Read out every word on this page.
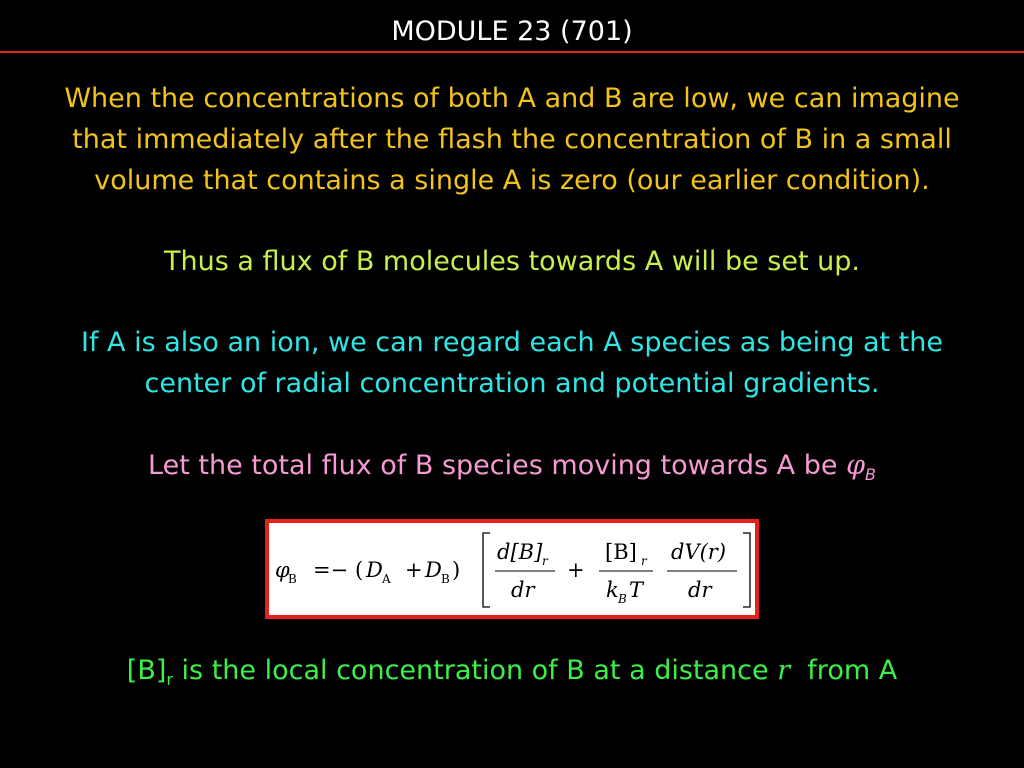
MODULE 23 (701)
When the concentrations of both A and B are low, we can imagine
that immediately after the flash the concentration of B in a small
volume that contains a single A is zero (our earlier condition).
Thus a flux of B molecules towards A will be set up.
If A is also an ion, we can regard each A species as being at the
center of radial concentration and potential gradients.
Let the total flux of B species moving towards A be $\varphi_B$
φ
B =− ( D A + D B )
d[B] r
dr
+
[B] r
k B T
dV(r)
dr
$[B]_r$ is the local concentration of B at a distance r  from A
